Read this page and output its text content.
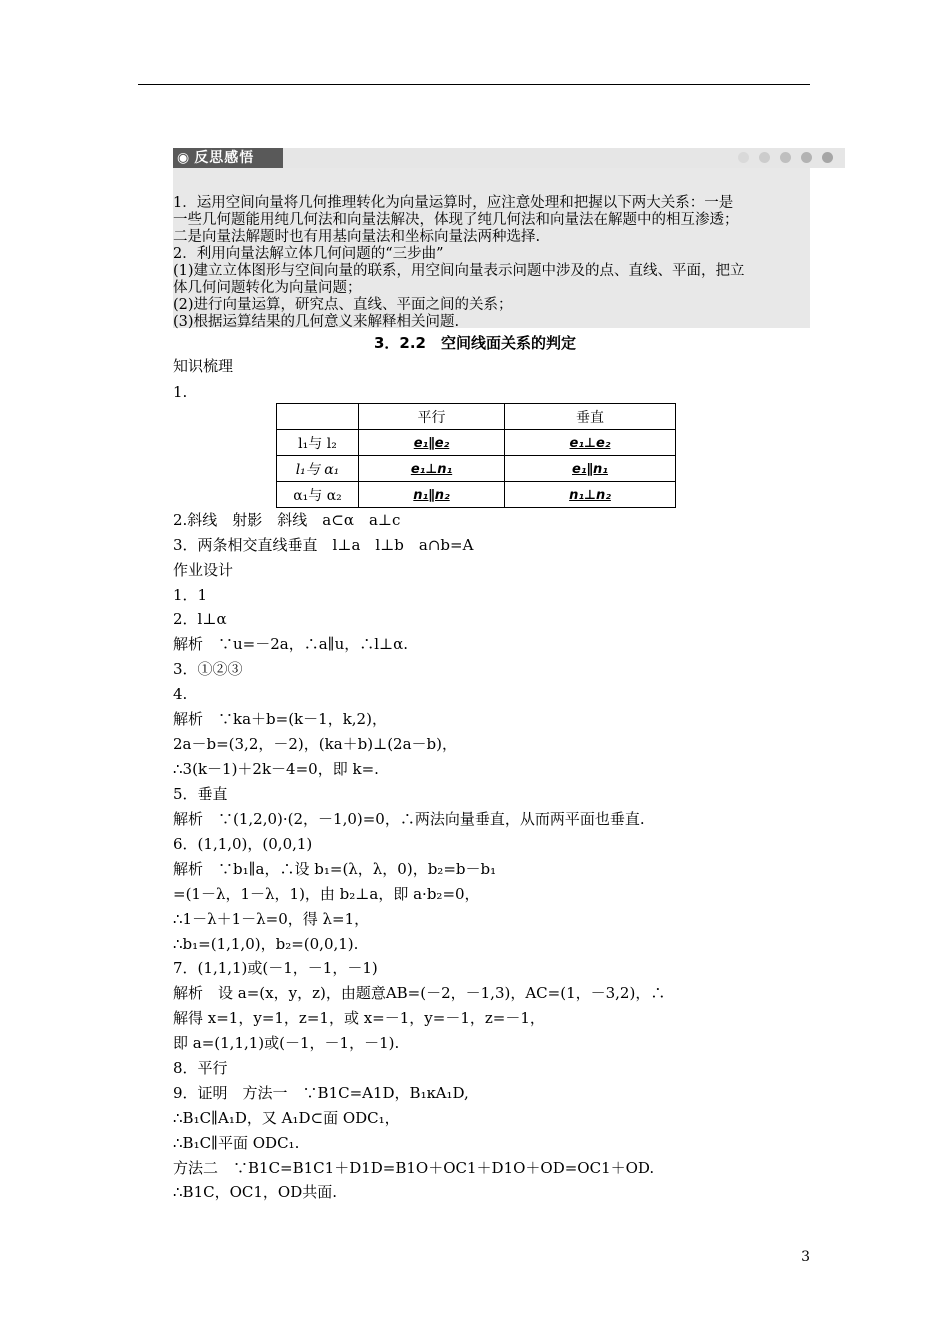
◉ 反思感悟
1．运用空间向量将几何推理转化为向量运算时，应注意处理和把握以下两大关系：一是
一些几何题能用纯几何法和向量法解决，体现了纯几何法和向量法在解题中的相互渗透；
二是向量法解题时也有用基向量法和坐标向量法两种选择.
2．利用向量法解立体几何问题的“三步曲”
(1)建立立体图形与空间向量的联系，用空间向量表示问题中涉及的点、直线、平面，把立
体几何问题转化为向量问题；
(2)进行向量运算，研究点、直线、平面之间的关系；
(3)根据运算结果的几何意义来解释相关问题.
3．2.2　空间线面关系的判定
知识梳理
1.
	平行	垂直
l₁与 l₂	e₁∥e₂	e₁⊥e₂
l₁与 α₁	e₁⊥n₁	e₁∥n₁
α₁与 α₂	n₁∥n₂	n₁⊥n₂
2.斜线　射影　斜线　a⊂α　a⊥c
3．两条相交直线垂直　l⊥a　l⊥b　a∩b=A
作业设计
1．1
2．l⊥α
解析　∵u=－2a，∴a∥u，∴l⊥α.
3．①②③
4.
解析　∵ka＋b=(k－1，k,2)，
2a－b=(3,2，－2)，(ka＋b)⊥(2a－b)，
∴3(k－1)＋2k－4=0，即 k=.
5．垂直
解析　∵(1,2,0)·(2，－1,0)=0，∴两法向量垂直，从而两平面也垂直.
6．(1,1,0)，(0,0,1)
解析　∵b₁∥a，∴设 b₁=(λ，λ，0)，b₂=b－b₁
=(1－λ，1－λ，1)，由 b₂⊥a，即 a·b₂=0，
∴1－λ＋1－λ=0，得 λ=1，
∴b₁=(1,1,0)，b₂=(0,0,1).
7．(1,1,1)或(－1，－1，－1)
解析　设 a=(x，y，z)，由题意AB=(－2，－1,3)，AC=(1，－3,2)，∴
解得 x=1，y=1，z=1，或 x=－1，y=－1，z=－1，
即 a=(1,1,1)或(－1，－1，－1).
8．平行
9．证明　方法一　∵B1C=A1D，B₁ĸA₁D,
∴B₁C∥A₁D，又 A₁D⊂面 ODC₁，
∴B₁C∥平面 ODC₁.
方法二　∵B1C=B1C1＋D1D=B1O＋OC1＋D1O＋OD=OC1＋OD.
∴B1C，OC1，OD共面.
3
